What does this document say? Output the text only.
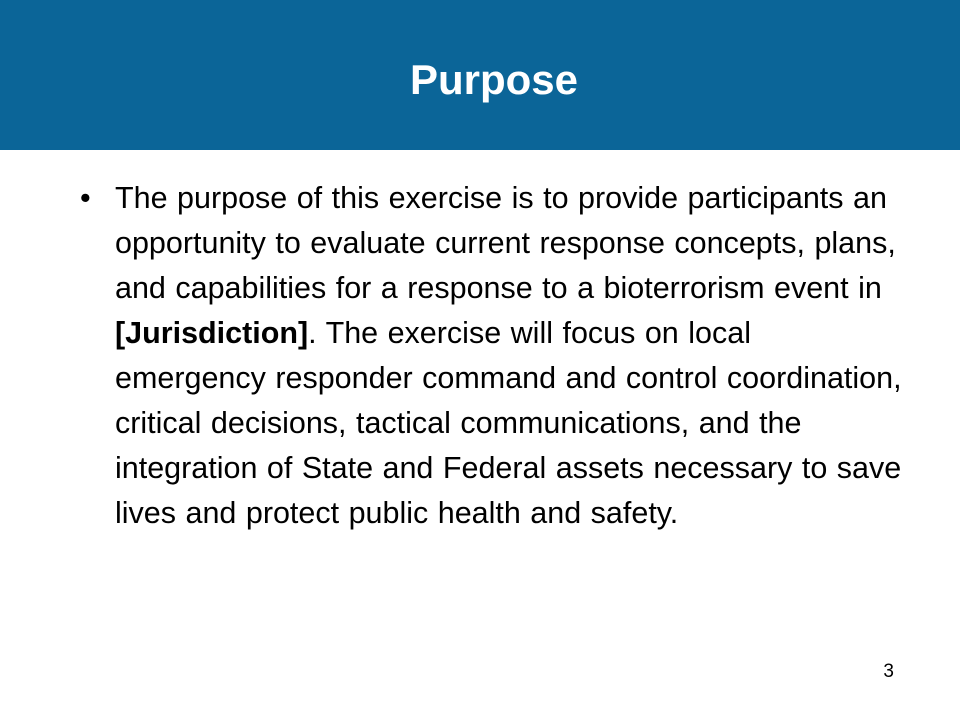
Purpose
• The purpose of this exercise is to provide participants an opportunity to evaluate current response concepts, plans, and capabilities for a response to a bioterrorism event in [Jurisdiction]. The exercise will focus on local emergency responder command and control coordination, critical decisions, tactical communications, and the integration of State and Federal assets necessary to save lives and protect public health and safety.
3
